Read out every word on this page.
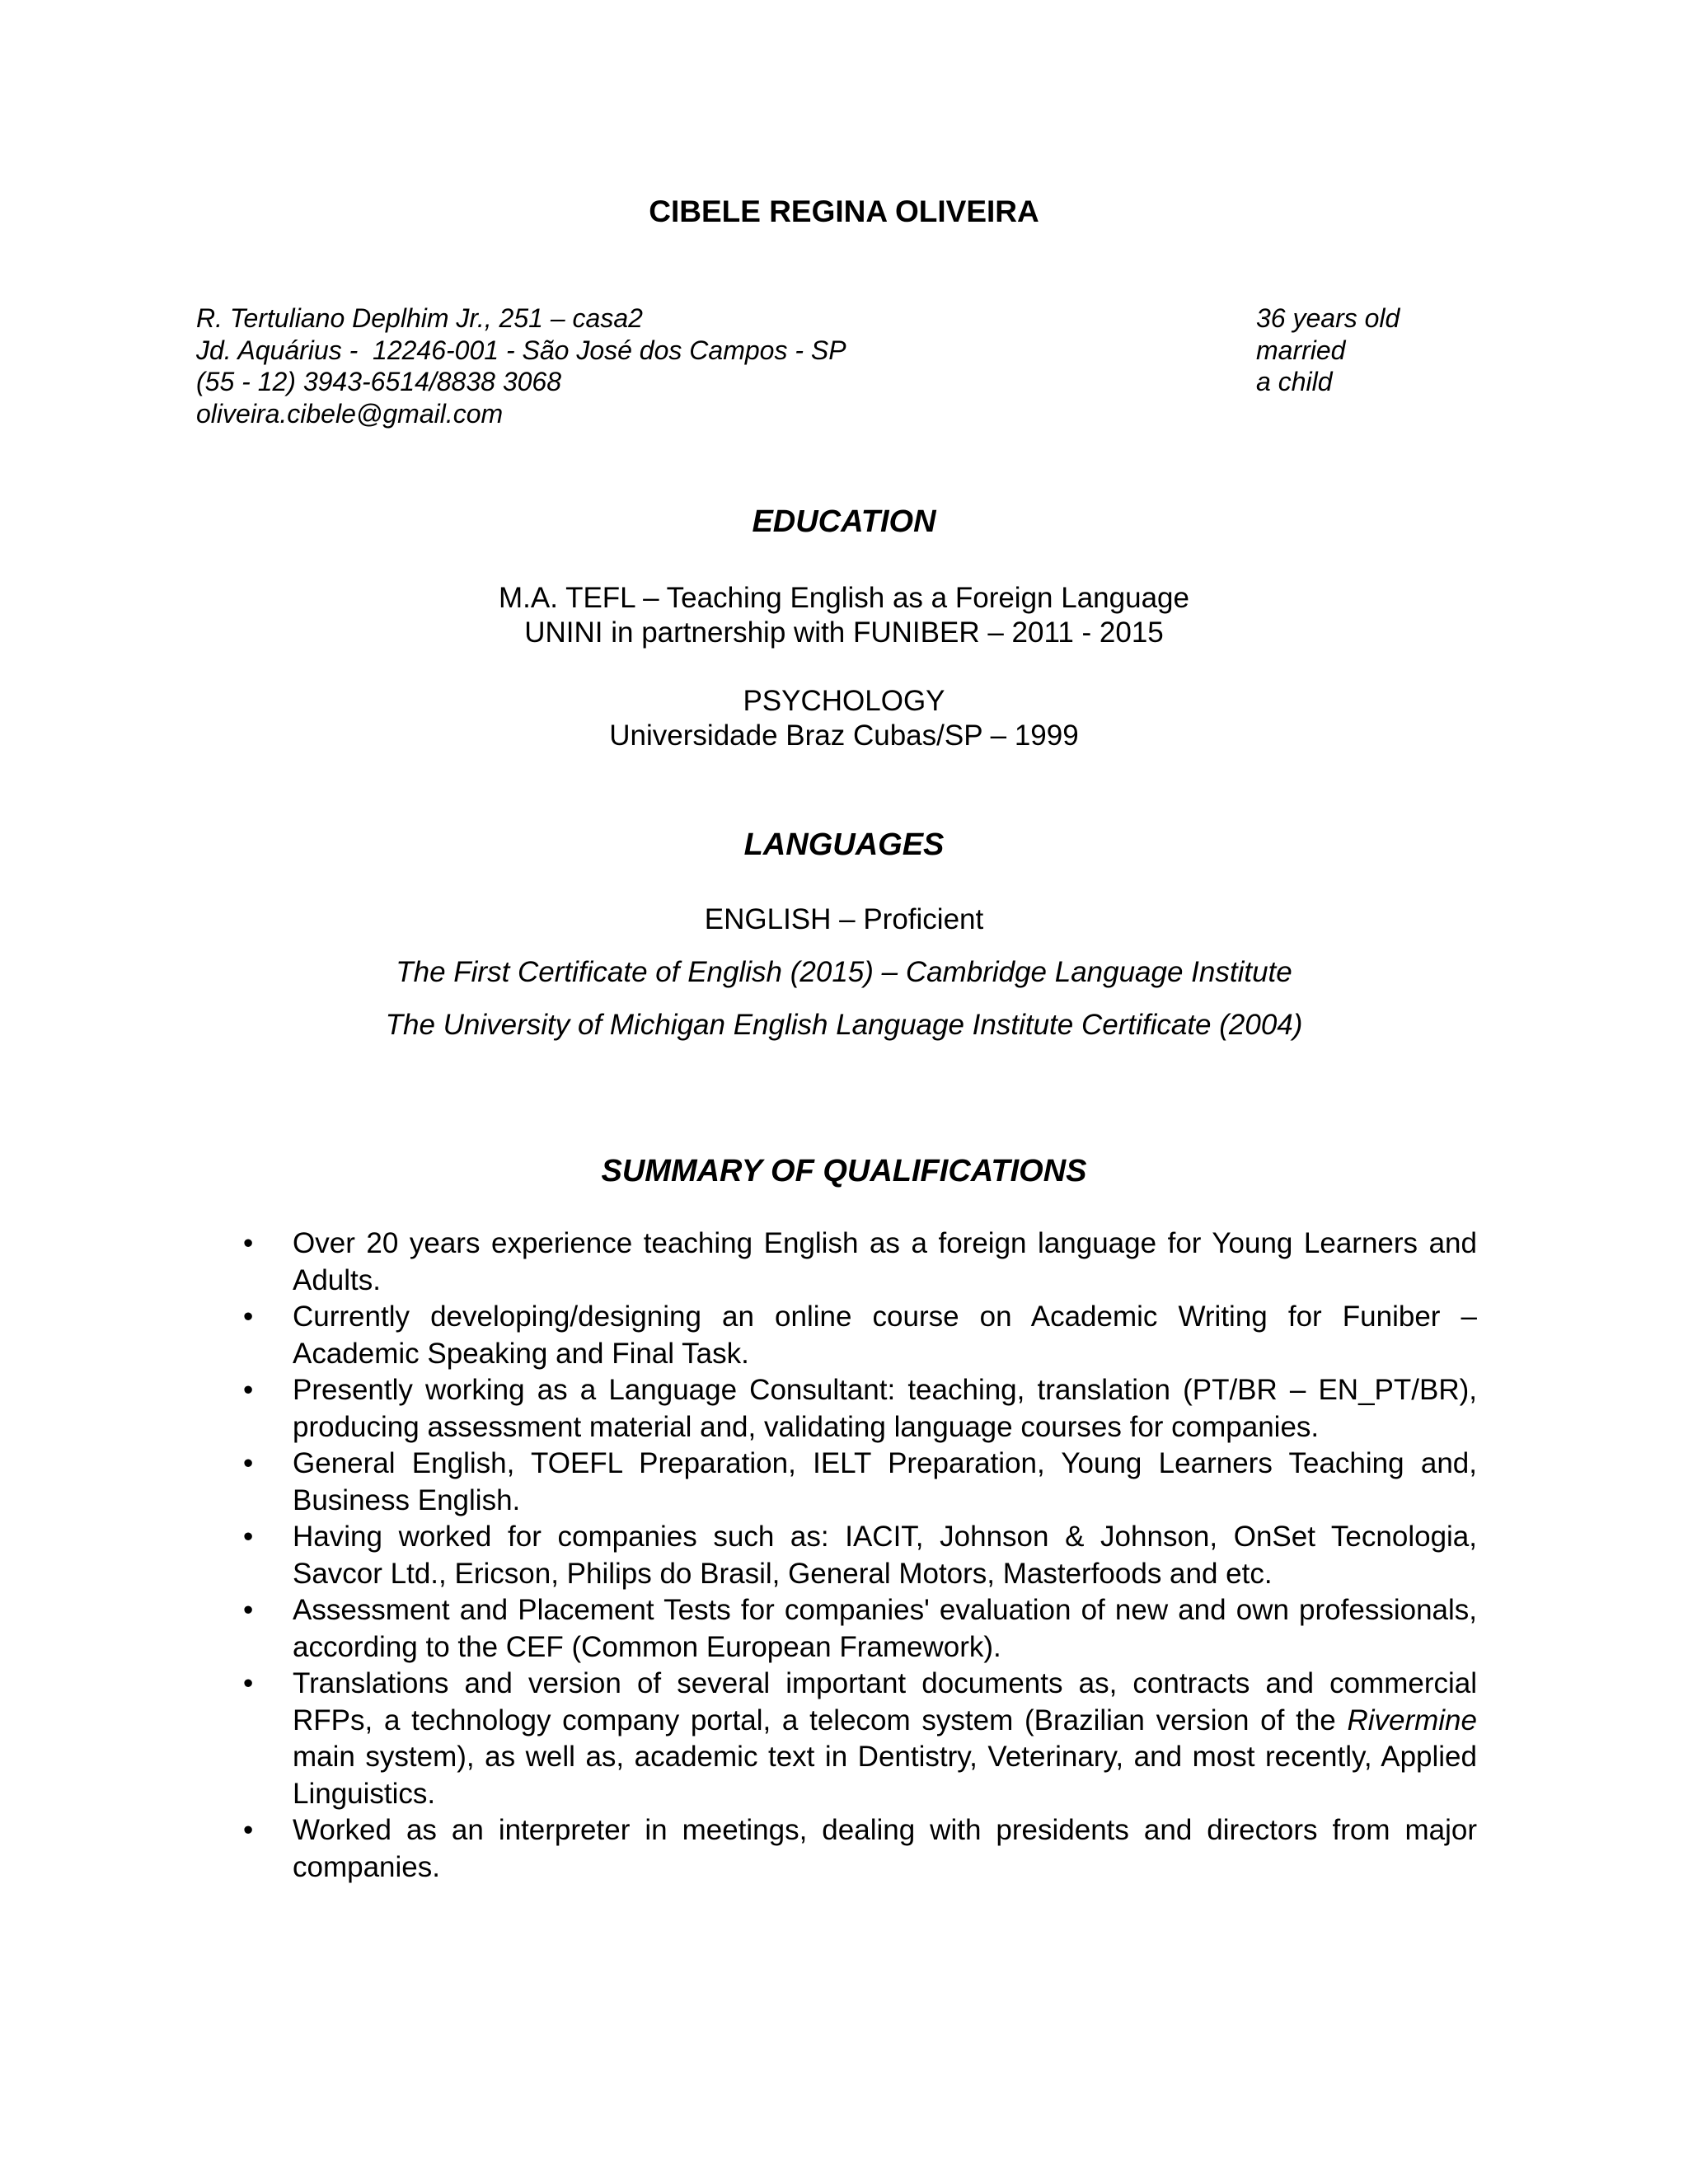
CIBELE REGINA OLIVEIRA
R. Tertuliano Deplhim Jr., 251 – casa2
Jd. Aquárius -  12246-001 - São José dos Campos - SP
(55 - 12) 3943-6514/8838 3068
oliveira.cibele@gmail.com
36 years old
married
a child
EDUCATION
M.A. TEFL – Teaching English as a Foreign Language
UNINI in partnership with FUNIBER – 2011 - 2015
PSYCHOLOGY
Universidade Braz Cubas/SP – 1999
LANGUAGES
ENGLISH – Proficient
The First Certificate of English (2015) – Cambridge Language Institute
The University of Michigan English Language Institute Certificate (2004)
SUMMARY OF QUALIFICATIONS
• Over 20 years experience teaching English as a foreign language for Young Learners and Adults.
• Currently developing/designing an online course on Academic Writing for Funiber – Academic Speaking and Final Task.
• Presently working as a Language Consultant: teaching, translation (PT/BR – EN_PT/BR), producing assessment material and, validating language courses for companies.
• General English, TOEFL Preparation, IELT Preparation, Young Learners Teaching and, Business English.
• Having worked for companies such as: IACIT, Johnson & Johnson, OnSet Tecnologia, Savcor Ltd., Ericson, Philips do Brasil, General Motors, Masterfoods and etc.
• Assessment and Placement Tests for companies' evaluation of new and own professionals, according to the CEF (Common European Framework).
• Translations and version of several important documents as, contracts and commercial RFPs, a technology company portal, a telecom system (Brazilian version of the Rivermine main system), as well as, academic text in Dentistry, Veterinary, and most recently, Applied Linguistics.
• Worked as an interpreter in meetings, dealing with presidents and directors from major companies.
